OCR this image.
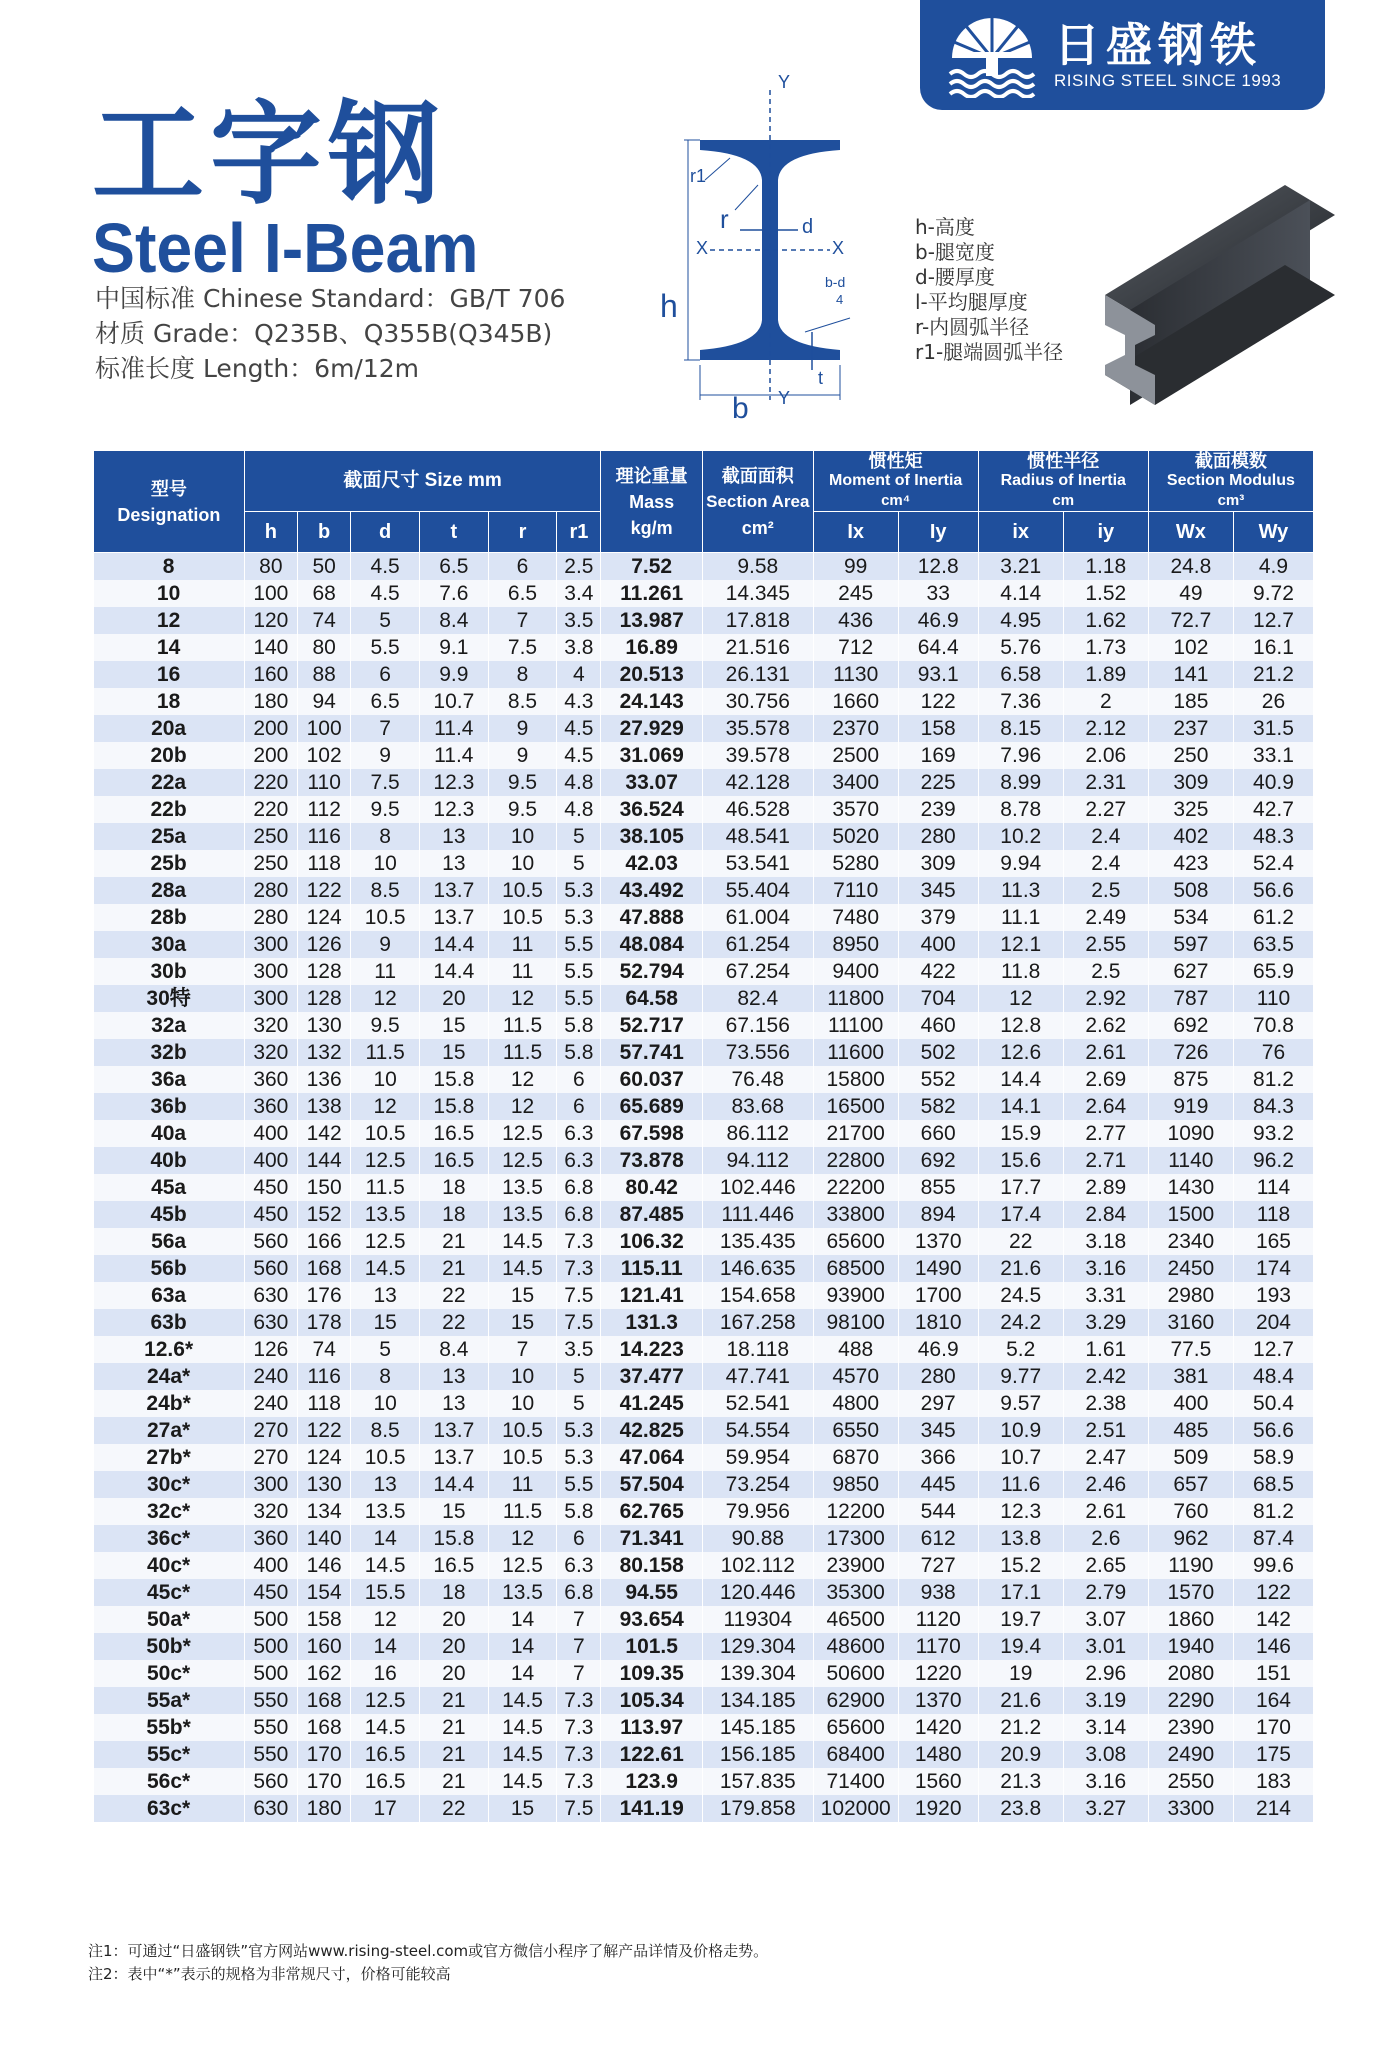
日盛钢铁
RISING STEEL SINCE 1993
工字钢
Steel I-Beam
中国标准 Chinese Standard：GB/T 706
材质 Grade：Q235B、Q355B(Q345B)
标准长度 Length：6m/12m
Y
Y
X	X
r1
r	d
h
b
t
b-d
4
h-高度
b-腿宽度
d-腰厚度
l-平均腿厚度
r-内圆弧半径
r1-腿端圆弧半径
型号
Designation	截面尺寸 Size mm						理论重量
Mass
kg/m	截面面积
Section Area
cm²	惯性矩
Moment of Inertia
cm⁴		惯性半径
Radius of Inertia
cm		截面模数
Section Modulus
cm³	

	h	b	d	t	r	r1			Ix	Iy	ix	iy	Wx	Wy
8	80	50	4.5	6.5	6	2.5	7.52	9.58	99	12.8	3.21	1.18	24.8	4.9
10	100	68	4.5	7.6	6.5	3.4	11.261	14.345	245	33	4.14	1.52	49	9.72
12	120	74	5	8.4	7	3.5	13.987	17.818	436	46.9	4.95	1.62	72.7	12.7
14	140	80	5.5	9.1	7.5	3.8	16.89	21.516	712	64.4	5.76	1.73	102	16.1
16	160	88	6	9.9	8	4	20.513	26.131	1130	93.1	6.58	1.89	141	21.2
18	180	94	6.5	10.7	8.5	4.3	24.143	30.756	1660	122	7.36	2	185	26
20a	200	100	7	11.4	9	4.5	27.929	35.578	2370	158	8.15	2.12	237	31.5
20b	200	102	9	11.4	9	4.5	31.069	39.578	2500	169	7.96	2.06	250	33.1
22a	220	110	7.5	12.3	9.5	4.8	33.07	42.128	3400	225	8.99	2.31	309	40.9
22b	220	112	9.5	12.3	9.5	4.8	36.524	46.528	3570	239	8.78	2.27	325	42.7
25a	250	116	8	13	10	5	38.105	48.541	5020	280	10.2	2.4	402	48.3
25b	250	118	10	13	10	5	42.03	53.541	5280	309	9.94	2.4	423	52.4
28a	280	122	8.5	13.7	10.5	5.3	43.492	55.404	7110	345	11.3	2.5	508	56.6
28b	280	124	10.5	13.7	10.5	5.3	47.888	61.004	7480	379	11.1	2.49	534	61.2
30a	300	126	9	14.4	11	5.5	48.084	61.254	8950	400	12.1	2.55	597	63.5
30b	300	128	11	14.4	11	5.5	52.794	67.254	9400	422	11.8	2.5	627	65.9
30特	300	128	12	20	12	5.5	64.58	82.4	11800	704	12	2.92	787	110
32a	320	130	9.5	15	11.5	5.8	52.717	67.156	11100	460	12.8	2.62	692	70.8
32b	320	132	11.5	15	11.5	5.8	57.741	73.556	11600	502	12.6	2.61	726	76
36a	360	136	10	15.8	12	6	60.037	76.48	15800	552	14.4	2.69	875	81.2
36b	360	138	12	15.8	12	6	65.689	83.68	16500	582	14.1	2.64	919	84.3
40a	400	142	10.5	16.5	12.5	6.3	67.598	86.112	21700	660	15.9	2.77	1090	93.2
40b	400	144	12.5	16.5	12.5	6.3	73.878	94.112	22800	692	15.6	2.71	1140	96.2
45a	450	150	11.5	18	13.5	6.8	80.42	102.446	22200	855	17.7	2.89	1430	114
45b	450	152	13.5	18	13.5	6.8	87.485	111.446	33800	894	17.4	2.84	1500	118
56a	560	166	12.5	21	14.5	7.3	106.32	135.435	65600	1370	22	3.18	2340	165
56b	560	168	14.5	21	14.5	7.3	115.11	146.635	68500	1490	21.6	3.16	2450	174
63a	630	176	13	22	15	7.5	121.41	154.658	93900	1700	24.5	3.31	2980	193
63b	630	178	15	22	15	7.5	131.3	167.258	98100	1810	24.2	3.29	3160	204
12.6*	126	74	5	8.4	7	3.5	14.223	18.118	488	46.9	5.2	1.61	77.5	12.7
24a*	240	116	8	13	10	5	37.477	47.741	4570	280	9.77	2.42	381	48.4
24b*	240	118	10	13	10	5	41.245	52.541	4800	297	9.57	2.38	400	50.4
27a*	270	122	8.5	13.7	10.5	5.3	42.825	54.554	6550	345	10.9	2.51	485	56.6
27b*	270	124	10.5	13.7	10.5	5.3	47.064	59.954	6870	366	10.7	2.47	509	58.9
30c*	300	130	13	14.4	11	5.5	57.504	73.254	9850	445	11.6	2.46	657	68.5
32c*	320	134	13.5	15	11.5	5.8	62.765	79.956	12200	544	12.3	2.61	760	81.2
36c*	360	140	14	15.8	12	6	71.341	90.88	17300	612	13.8	2.6	962	87.4
40c*	400	146	14.5	16.5	12.5	6.3	80.158	102.112	23900	727	15.2	2.65	1190	99.6
45c*	450	154	15.5	18	13.5	6.8	94.55	120.446	35300	938	17.1	2.79	1570	122
50a*	500	158	12	20	14	7	93.654	119304	46500	1120	19.7	3.07	1860	142
50b*	500	160	14	20	14	7	101.5	129.304	48600	1170	19.4	3.01	1940	146
50c*	500	162	16	20	14	7	109.35	139.304	50600	1220	19	2.96	2080	151
55a*	550	168	12.5	21	14.5	7.3	105.34	134.185	62900	1370	21.6	3.19	2290	164
55b*	550	168	14.5	21	14.5	7.3	113.97	145.185	65600	1420	21.2	3.14	2390	170
55c*	550	170	16.5	21	14.5	7.3	122.61	156.185	68400	1480	20.9	3.08	2490	175
56c*	560	170	16.5	21	14.5	7.3	123.9	157.835	71400	1560	21.3	3.16	2550	183
63c*	630	180	17	22	15	7.5	141.19	179.858	102000	1920	23.8	3.27	3300	214
注1：可通过“日盛钢铁”官方网站www.rising-steel.com或官方微信小程序了解产品详情及价格走势。
注2：表中“*”表示的规格为非常规尺寸，价格可能较高
